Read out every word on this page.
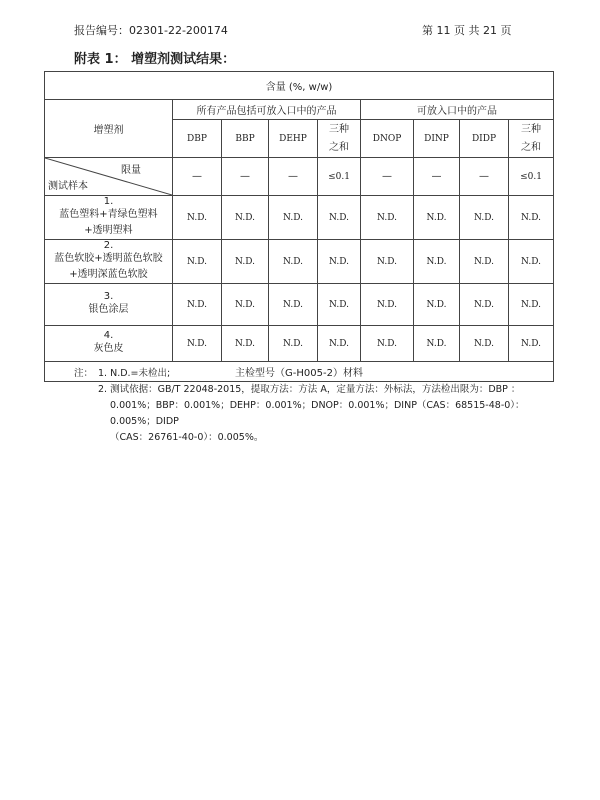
报告编号：02301-22-200174	第 11 页 共 21 页
附表 1： 增塑剂测试结果：
含量 (%, w/w)								
增塑剂	所有产品包括可放入口中的产品				可放入口中的产品			
	DBP	BBP	DEHP	三种之和	DNOP	DINP	DIDP	三种之和

限量
测试样本	—	—	—	≤0.1	—	—	—	≤0.1
1.蓝色塑料+青绿色塑料+透明塑料	N.D.	N.D.	N.D.	N.D.	N.D.	N.D.	N.D.	N.D.
2.蓝色软胶+透明蓝色软胶+透明深蓝色软胶	N.D.	N.D.	N.D.	N.D.	N.D.	N.D.	N.D.	N.D.
3.银色涂层	N.D.	N.D.	N.D.	N.D.	N.D.	N.D.	N.D.	N.D.
4.灰色皮	N.D.	N.D.	N.D.	N.D.	N.D.	N.D.	N.D.	N.D.
主检型号（G-H005-2）材料								
注： 1. N.D.=未检出;
2. 测试依据：GB/T 22048-2015，提取方法：方法 A，定量方法：外标法，方法检出限为：DBP ：
0.001%；BBP：0.001%；DEHP：0.001%；DNOP：0.001%；DINP（CAS：68515-48-0）：0.005%；DIDP
（CAS：26761-40-0）：0.005%。
